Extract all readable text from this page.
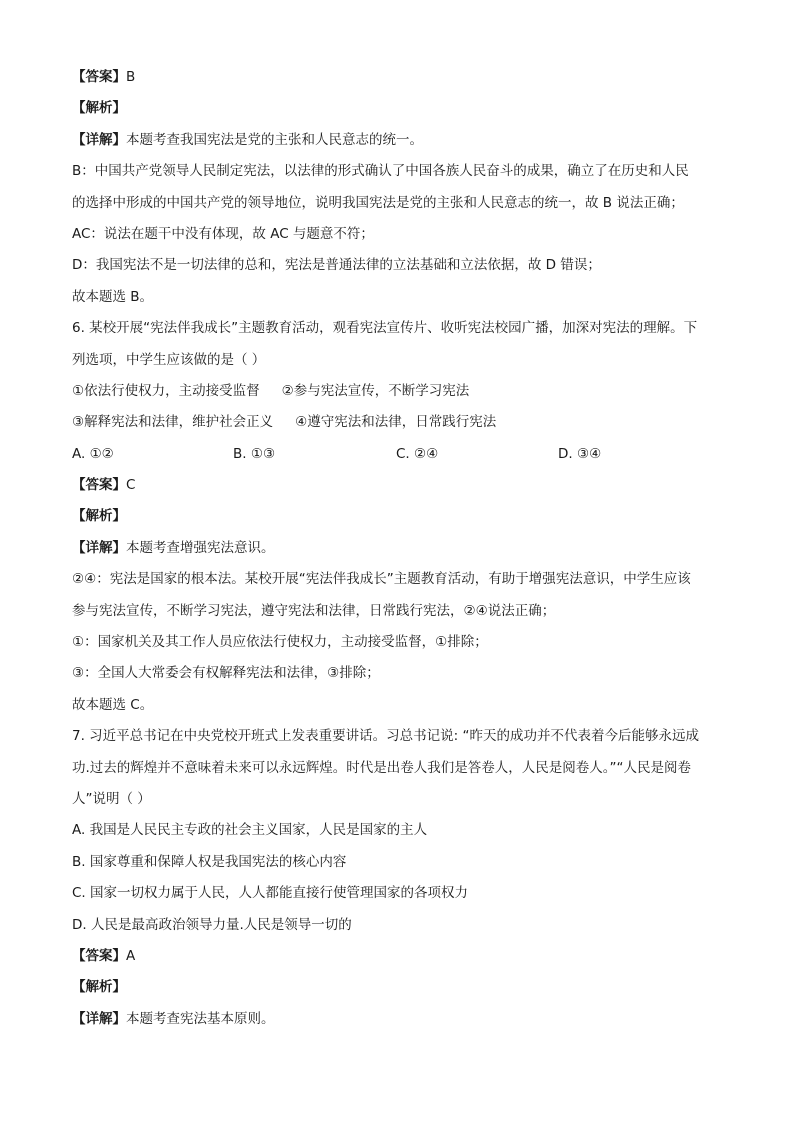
【答案】B
【解析】
【详解】本题考查我国宪法是党的主张和人民意志的统一。
B：中国共产党领导人民制定宪法，以法律的形式确认了中国各族人民奋斗的成果，确立了在历史和人民
的选择中形成的中国共产党的领导地位，说明我国宪法是党的主张和人民意志的统一，故 B 说法正确；
AC：说法在题干中没有体现，故 AC 与题意不符；
D：我国宪法不是一切法律的总和，宪法是普通法律的立法基础和立法依据，故 D 错误；
故本题选 B。
6. 某校开展“宪法伴我成长”主题教育活动，观看宪法宣传片、收听宪法校园广播，加深对宪法的理解。下
列选项，中学生应该做的是（ ）
①依法行使权力，主动接受监督 ②参与宪法宣传，不断学习宪法
③解释宪法和法律，维护社会正义 ④遵守宪法和法律，日常践行宪法
A. ①②	B. ①③	C. ②④	D. ③④
【答案】C
【解析】
【详解】本题考查增强宪法意识。
②④：宪法是国家的根本法。某校开展“宪法伴我成长”主题教育活动，有助于增强宪法意识，中学生应该
参与宪法宣传，不断学习宪法，遵守宪法和法律，日常践行宪法，②④说法正确；
①：国家机关及其工作人员应依法行使权力，主动接受监督，①排除；
③：全国人大常委会有权解释宪法和法律，③排除；
故本题选 C。
7. 习近平总书记在中央党校开班式上发表重要讲话。习总书记说: “昨天的成功并不代表着今后能够永远成
功.过去的辉煌并不意味着未来可以永远辉煌。时代是出卷人我们是答卷人，人民是阅卷人。”“人民是阅卷
人”说明（ ）
A. 我国是人民民主专政的社会主义国家，人民是国家的主人
B. 国家尊重和保障人权是我国宪法的核心内容
C. 国家一切权力属于人民，人人都能直接行使管理国家的各项权力
D. 人民是最高政治领导力量.人民是领导一切的
【答案】A
【解析】
【详解】本题考查宪法基本原则。
